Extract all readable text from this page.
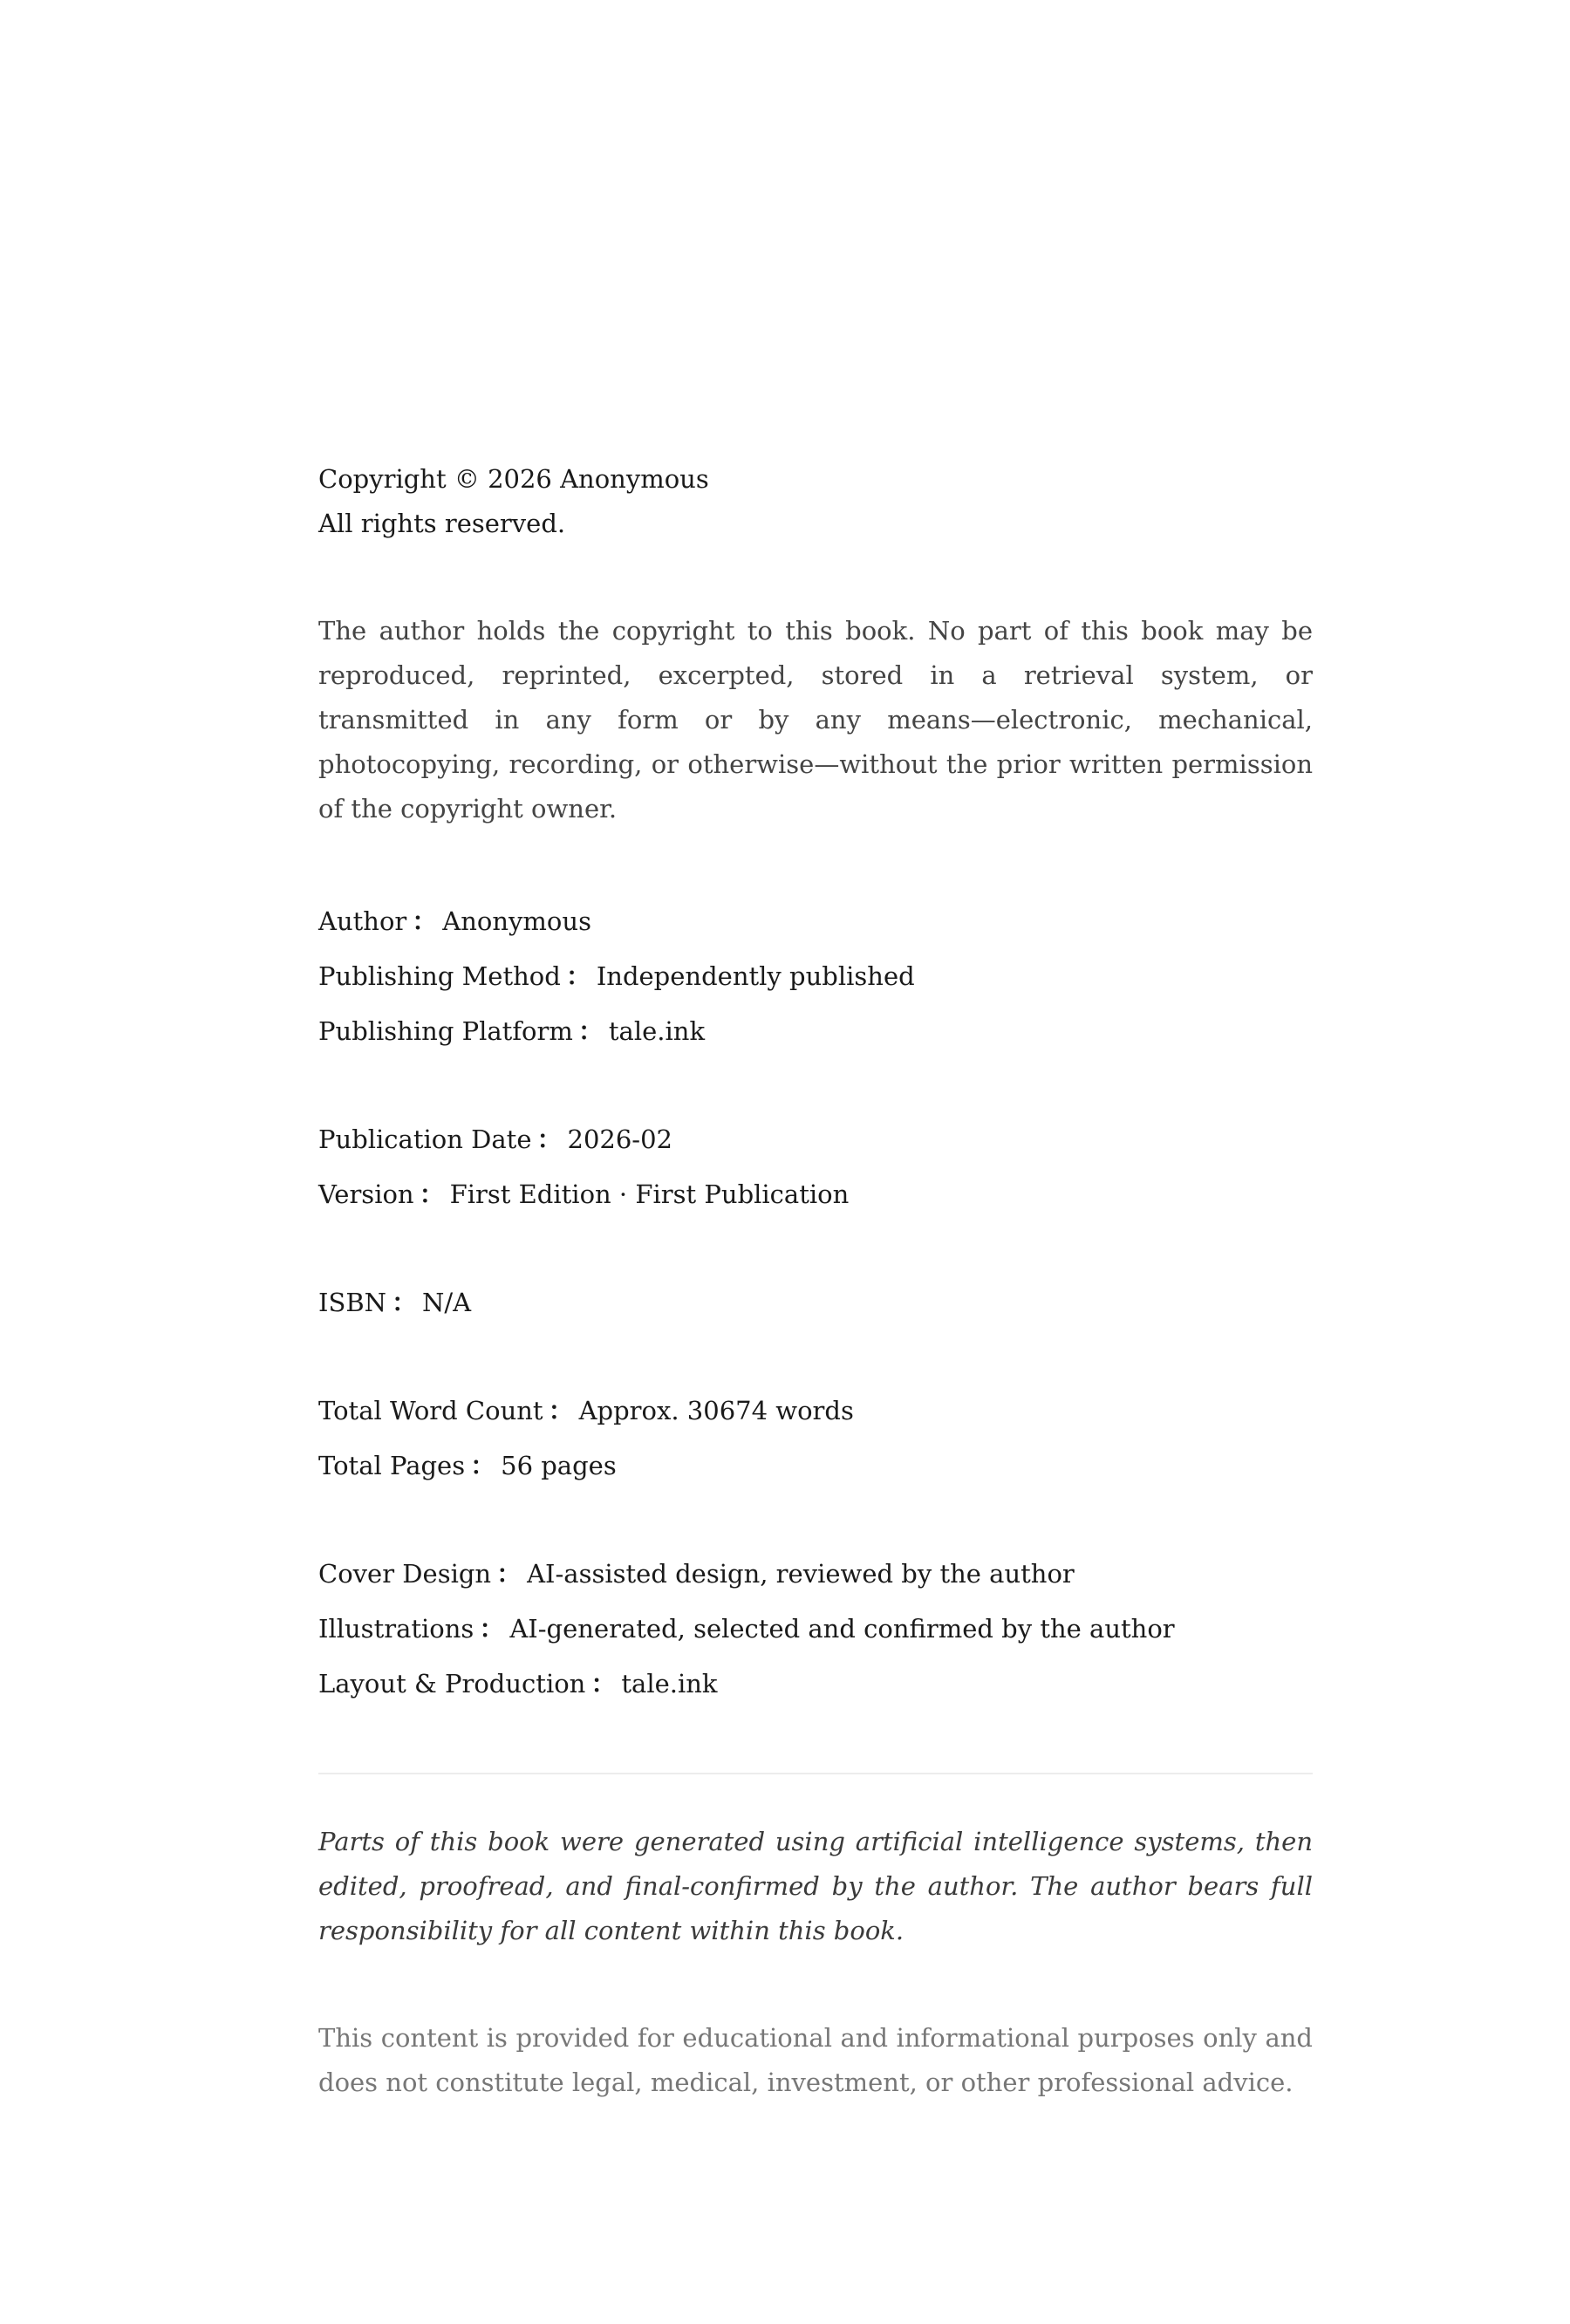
Copyright © 2026 Anonymous
All rights reserved.

The author holds the copyright to this book. No part of this book may be reproduced, reprinted, excerpted, stored in a retrieval system, or transmitted in any form or by any means—electronic, mechanical, photocopying, recording, or otherwise—without the prior written permission of the copyright owner.

Author ： Anonymous
Publishing Method ： Independently published
Publishing Platform ： tale.ink
Publication Date ： 2026-02
Version ： First Edition · First Publication
ISBN ： N/A
Total Word Count ： Approx. 30674 words
Total Pages ： 56 pages
Cover Design ： AI-assisted design, reviewed by the author
Illustrations ： AI-generated, selected and confirmed by the author
Layout & Production ： tale.ink

Parts of this book were generated using artificial intelligence systems, then edited, proofread, and final-confirmed by the author. The author bears full responsibility for all content within this book.

This content is provided for educational and informational purposes only and does not constitute legal, medical, investment, or other professional advice.
